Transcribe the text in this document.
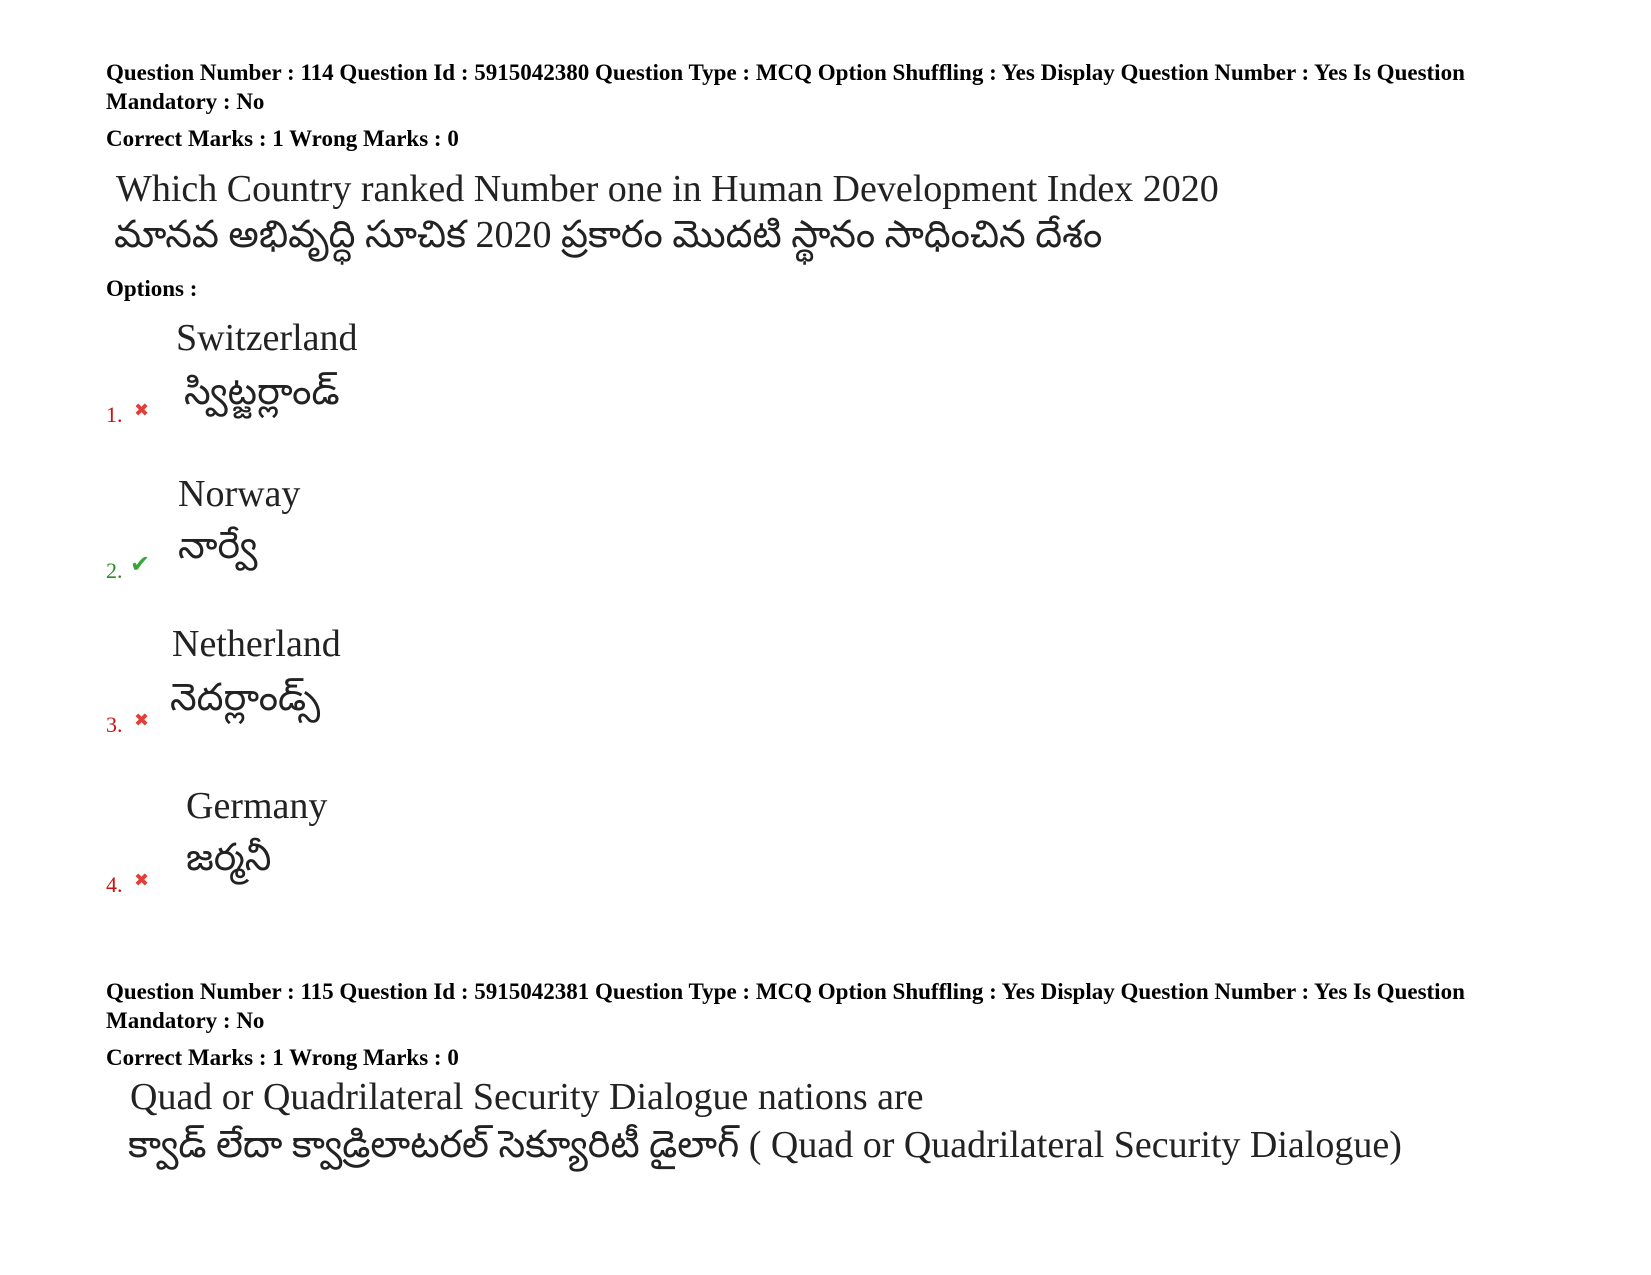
Question Number : 114 Question Id : 5915042380 Question Type : MCQ Option Shuffling : Yes Display Question Number : Yes Is Question Mandatory : No
Correct Marks : 1 Wrong Marks : 0
Which Country ranked Number one in Human Development Index 2020
మానవ అభివృద్ధి సూచిక 2020 ప్రకారం మొదటి స్థానం సాధించిన దేశం
Options :
Switzerland
స్విట్జర్లాండ్
1. ✖
Norway
నార్వే
2. ✔
Netherland
నెదర్లాండ్స్
3. ✖
Germany
జర్మనీ
4. ✖
Question Number : 115 Question Id : 5915042381 Question Type : MCQ Option Shuffling : Yes Display Question Number : Yes Is Question Mandatory : No
Correct Marks : 1 Wrong Marks : 0
Quad or Quadrilateral Security Dialogue nations are
క్వాడ్ లేదా క్వాడ్రిలాటరల్ సెక్యూరిటీ డైలాగ్ ( Quad or Quadrilateral Security Dialogue)
